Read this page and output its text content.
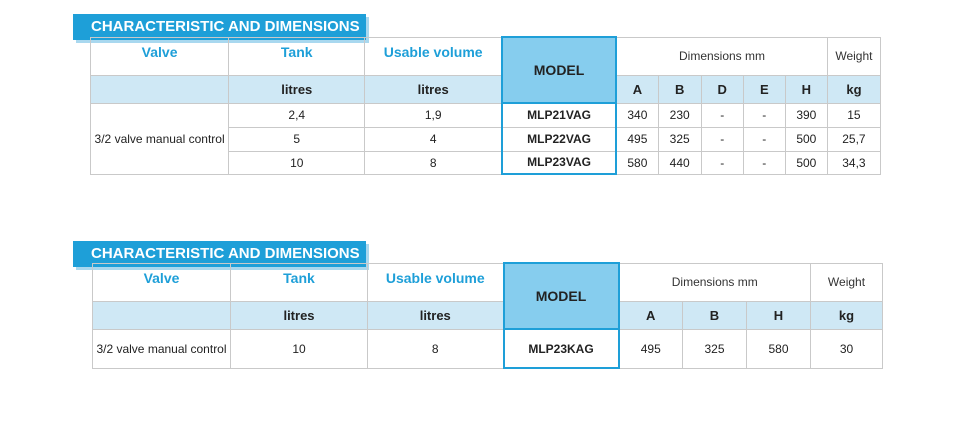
CHARACTERISTIC AND DIMENSIONS
Valve	Tank	Usable volume	MODEL	Dimensions mm					Weight
	litres	litres		A	B	D	E	H	kg
3/2 valve manual control	2,4	1,9	MLP21VAG	340	230	-	-	390	15
	5	4	MLP22VAG	495	325	-	-	500	25,7
	10	8	MLP23VAG	580	440	-	-	500	34,3
CHARACTERISTIC AND DIMENSIONS
Valve	Tank	Usable volume	MODEL	Dimensions mm			Weight
	litres	litres		A	B	H	kg
3/2 valve manual control	10	8	MLP23KAG	495	325	580	30
